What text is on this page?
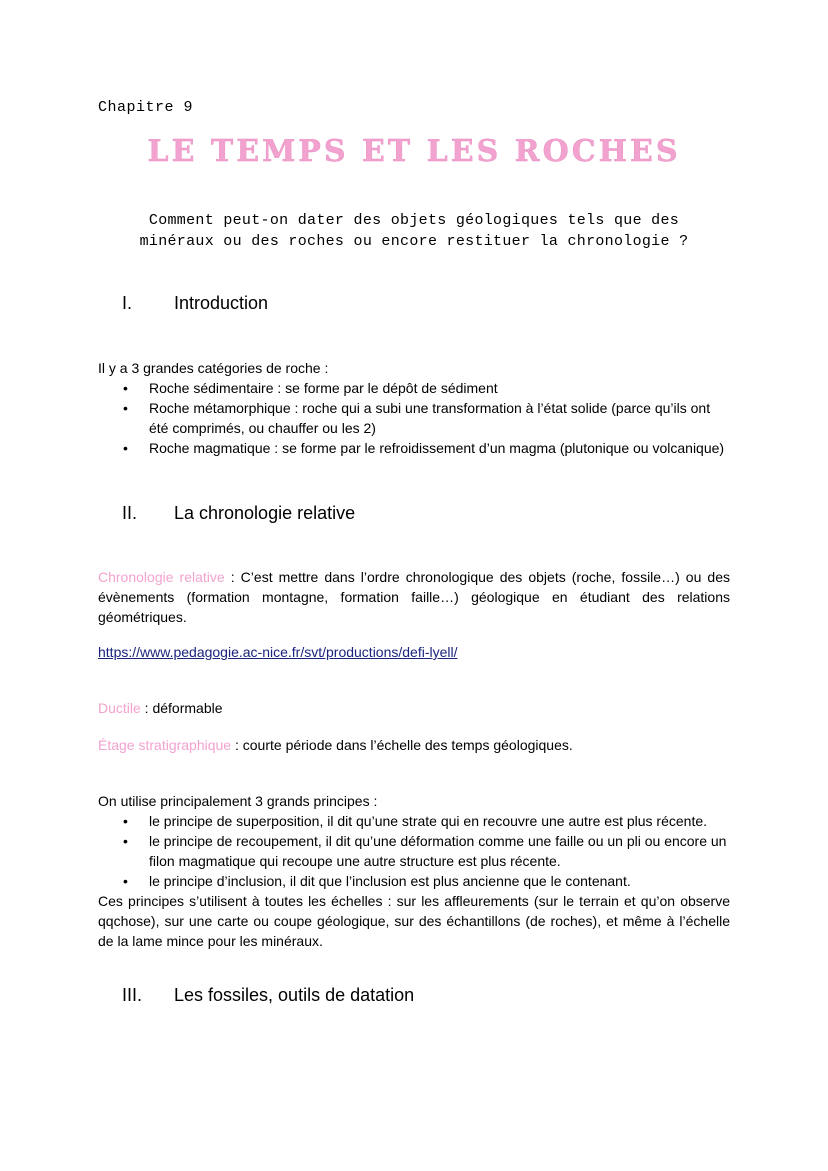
Chapitre 9
LE TEMPS ET LES ROCHES
Comment peut-on dater des objets géologiques tels que des
minéraux ou des roches ou encore restituer la chronologie ?
I. Introduction

Il y a 3 grandes catégories de roche :

• Roche sédimentaire : se forme par le dépôt de sédiment
• Roche métamorphique : roche qui a subi une transformation à l’état solide (parce qu’ils ont été comprimés, ou chauffer ou les 2)
• Roche magmatique : se forme par le refroidissement d’un magma (plutonique ou volcanique)
II. La chronologie relative
Chronologie relative : C’est mettre dans l’ordre chronologique des objets (roche, fossile…) ou des évènements (formation montagne, formation faille…) géologique en étudiant des relations géométriques.
https://www.pedagogie.ac-nice.fr/svt/productions/defi-lyell/
Ductile : déformable
Étage stratigraphique : courte période dans l’échelle des temps géologiques.

On utilise principalement 3 grands principes :

• le principe de superposition, il dit qu’une strate qui en recouvre une autre est plus récente.
• le principe de recoupement, il dit qu’une déformation comme une faille ou un pli ou encore un filon magmatique qui recoupe une autre structure est plus récente.
• le principe d’inclusion, il dit que l’inclusion est plus ancienne que le contenant.

Ces principes s’utilisent à toutes les échelles : sur les affleurements (sur le terrain et qu’on observe qqchose), sur une carte ou coupe géologique, sur des échantillons (de roches), et même à l’échelle de la lame mince pour les minéraux.

III. Les fossiles, outils de datation
